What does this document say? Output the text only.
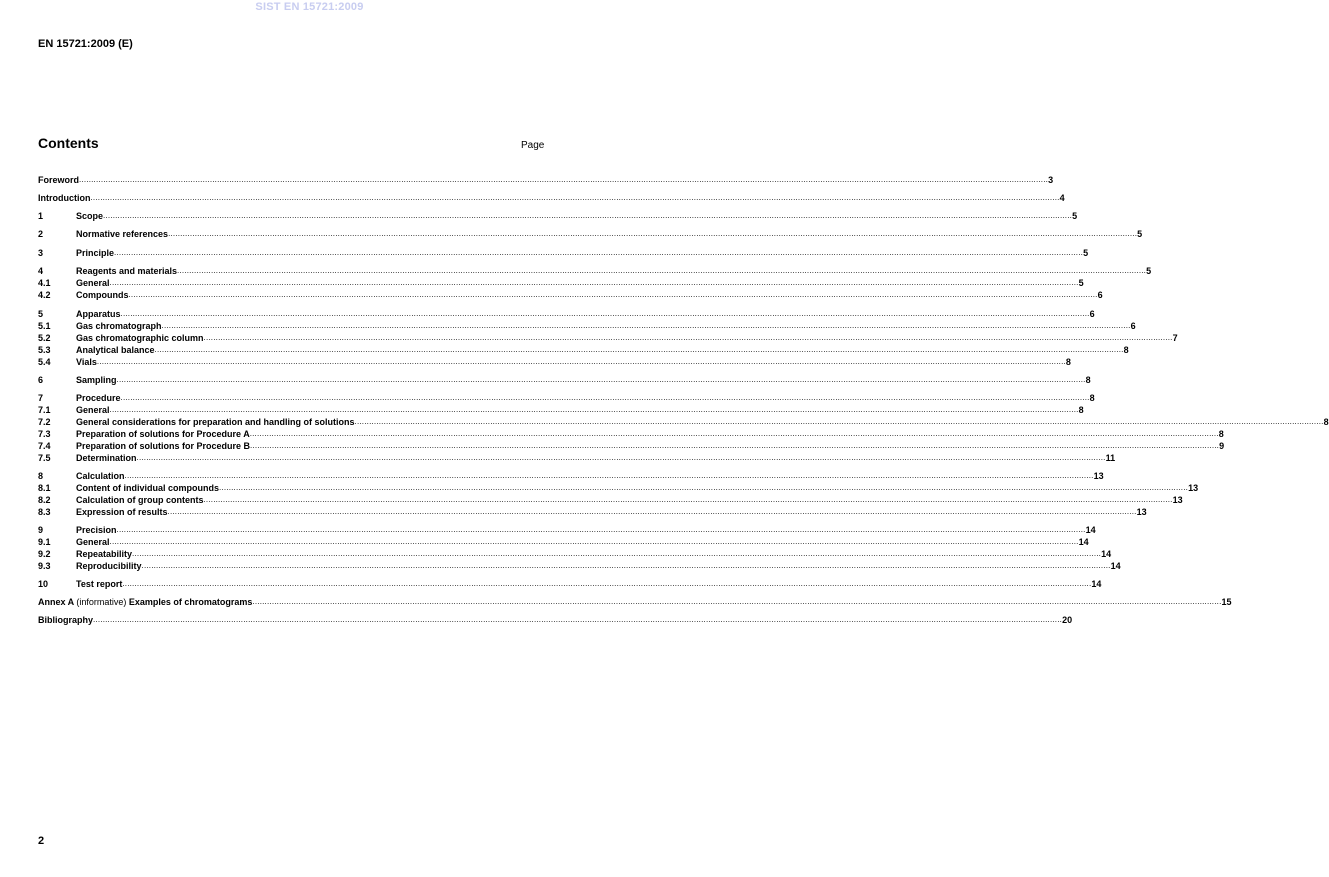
SIST EN 15721:2009
EN 15721:2009 (E)
Contents	Page
Foreword ................................................................................................................................................................................................................................................................................................................................................................................................................ 3
Introduction ................................................................................................................................................................................................................................................................................................................................................................................................................ 4
1	Scope ................................................................................................................................................................................................................................................................................................................................................................................................................ 5
2	Normative references ................................................................................................................................................................................................................................................................................................................................................................................................................ 5
3	Principle ................................................................................................................................................................................................................................................................................................................................................................................................................ 5
4	Reagents and materials ................................................................................................................................................................................................................................................................................................................................................................................................................ 5
4.1	General ................................................................................................................................................................................................................................................................................................................................................................................................................ 5
4.2	Compounds ................................................................................................................................................................................................................................................................................................................................................................................................................ 6
5	Apparatus ................................................................................................................................................................................................................................................................................................................................................................................................................ 6
5.1	Gas chromatograph ................................................................................................................................................................................................................................................................................................................................................................................................................ 6
5.2	Gas chromatographic column ................................................................................................................................................................................................................................................................................................................................................................................................................ 7
5.3	Analytical balance ................................................................................................................................................................................................................................................................................................................................................................................................................ 8
5.4	Vials ................................................................................................................................................................................................................................................................................................................................................................................................................ 8
6	Sampling ................................................................................................................................................................................................................................................................................................................................................................................................................ 8
7	Procedure ................................................................................................................................................................................................................................................................................................................................................................................................................ 8
7.1	General ................................................................................................................................................................................................................................................................................................................................................................................................................ 8
7.2	General considerations for preparation and handling of solutions ................................................................................................................................................................................................................................................................................................................................................................................................................ 8
7.3	Preparation of solutions for Procedure A ................................................................................................................................................................................................................................................................................................................................................................................................................ 8
7.4	Preparation of solutions for Procedure B ................................................................................................................................................................................................................................................................................................................................................................................................................ 9
7.5	Determination ................................................................................................................................................................................................................................................................................................................................................................................................................ 11
8	Calculation ................................................................................................................................................................................................................................................................................................................................................................................................................ 13
8.1	Content of individual compounds ................................................................................................................................................................................................................................................................................................................................................................................................................ 13
8.2	Calculation of group contents ................................................................................................................................................................................................................................................................................................................................................................................................................ 13
8.3	Expression of results ................................................................................................................................................................................................................................................................................................................................................................................................................ 13
9	Precision ................................................................................................................................................................................................................................................................................................................................................................................................................ 14
9.1	General ................................................................................................................................................................................................................................................................................................................................................................................................................ 14
9.2	Repeatability ................................................................................................................................................................................................................................................................................................................................................................................................................ 14
9.3	Reproducibility ................................................................................................................................................................................................................................................................................................................................................................................................................ 14
10	Test report ................................................................................................................................................................................................................................................................................................................................................................................................................ 14
Annex A (informative) Examples of chromatograms ................................................................................................................................................................................................................................................................................................................................................................................................................ 15
Bibliography ................................................................................................................................................................................................................................................................................................................................................................................................................ 20
2
